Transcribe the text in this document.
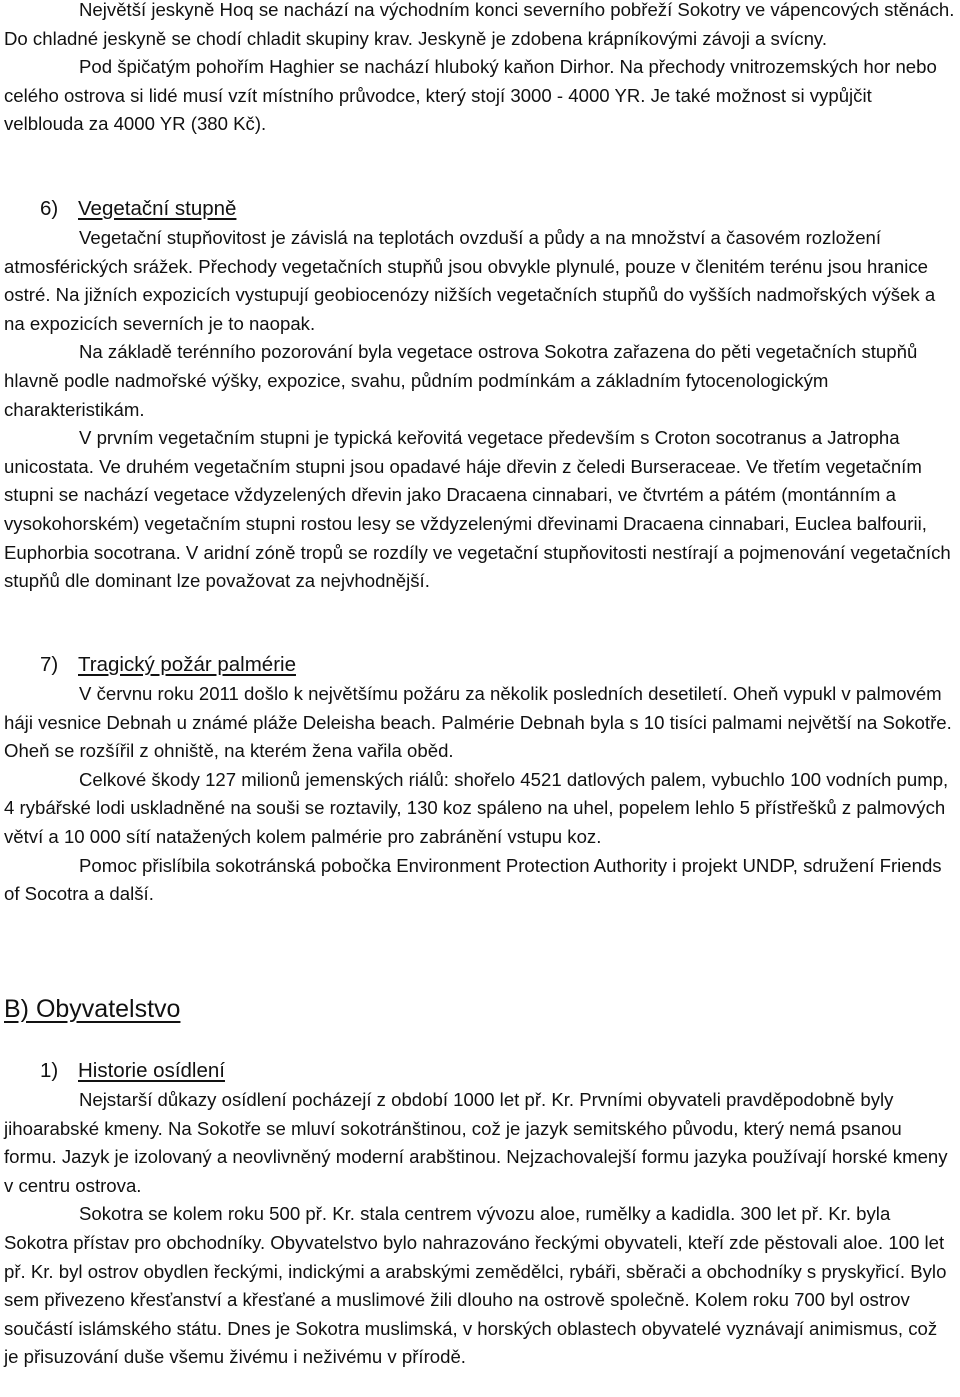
Největší jeskyně Hoq se nachází na východním konci severního pobřeží Sokotry ve vápencových stěnách. Do chladné jeskyně se chodí chladit skupiny krav. Jeskyně je zdobena krápníkovými závoji a svícny.

Pod špičatým pohořím Haghier se nachází hluboký kaňon Dirhor. Na přechody vnitrozemských hor nebo celého ostrova si lidé musí vzít místního průvodce, který stojí 3000 - 4000 YR. Je také možnost si vypůjčit velblouda za 4000 YR (380 Kč).

6) Vegetační stupně

Vegetační stupňovitost je závislá na teplotách ovzduší a půdy a na množství a časovém rozložení atmosférických srážek. Přechody vegetačních stupňů jsou obvykle plynulé, pouze v členitém terénu jsou hranice ostré. Na jižních expozicích vystupují geobiocenózy nižších vegetačních stupňů do vyšších nadmořských výšek a na expozicích severních je to naopak.

Na základě terénního pozorování byla vegetace ostrova Sokotra zařazena do pěti vegetačních stupňů hlavně podle nadmořské výšky, expozice, svahu, půdním podmínkám a základním fytocenologickým charakteristikám.

V prvním vegetačním stupni je typická keřovitá vegetace především s Croton socotranus a Jatropha unicostata. Ve druhém vegetačním stupni jsou opadavé háje dřevin z čeledi Burseraceae. Ve třetím vegetačním stupni se nachází vegetace vždyzelených dřevin jako Dracaena cinnabari, ve čtvrtém a pátém (montánním a vysokohorském) vegetačním stupni rostou lesy se vždyzelenými dřevinami Dracaena cinnabari, Euclea balfourii, Euphorbia socotrana. V aridní zóně tropů se rozdíly ve vegetační stupňovitosti nestírají a pojmenování vegetačních stupňů dle dominant lze považovat za nejvhodnější.

7) Tragický požár palmérie

V červnu roku 2011 došlo k největšímu požáru za několik posledních desetiletí. Oheň vypukl v palmovém háji vesnice Debnah u známé pláže Deleisha beach. Palmérie Debnah byla s 10 tisíci palmami největší na Sokotře. Oheň se rozšířil z ohniště, na kterém žena vařila oběd.

Celkové škody 127 milionů jemenských riálů: shořelo 4521 datlových palem, vybuchlo 100 vodních pump, 4 rybářské lodi uskladněné na souši se roztavily, 130 koz spáleno na uhel, popelem lehlo 5 přístřešků z palmových větví a 10 000 sítí natažených kolem palmérie pro zabránění vstupu koz.

Pomoc přislíbila sokotránská pobočka Environment Protection Authority i projekt UNDP, sdružení Friends of Socotra a další.

B) Obyvatelstvo
1) Historie osídlení

Nejstarší důkazy osídlení pocházejí z období 1000 let př. Kr. Prvními obyvateli pravděpodobně byly jihoarabské kmeny. Na Sokotře se mluví sokotránštinou, což je jazyk semitského původu, který nemá psanou formu. Jazyk je izolovaný a neovlivněný moderní arabštinou. Nejzachovalejší formu jazyka používají horské kmeny v centru ostrova.

Sokotra se kolem roku 500 př. Kr. stala centrem vývozu aloe, rumělky a kadidla. 300 let př. Kr. byla Sokotra přístav pro obchodníky. Obyvatelstvo bylo nahrazováno řeckými obyvateli, kteří zde pěstovali aloe. 100 let př. Kr. byl ostrov obydlen řeckými, indickými a arabskými zemědělci, rybáři, sběrači a obchodníky s pryskyřicí. Bylo sem přivezeno křesťanství a křesťané a muslimové žili dlouho na ostrově společně. Kolem roku 700 byl ostrov součástí islámského státu. Dnes je Sokotra muslimská, v horských oblastech obyvatelé vyznávají animismus, což je přisuzování duše všemu živému i neživému v přírodě.
